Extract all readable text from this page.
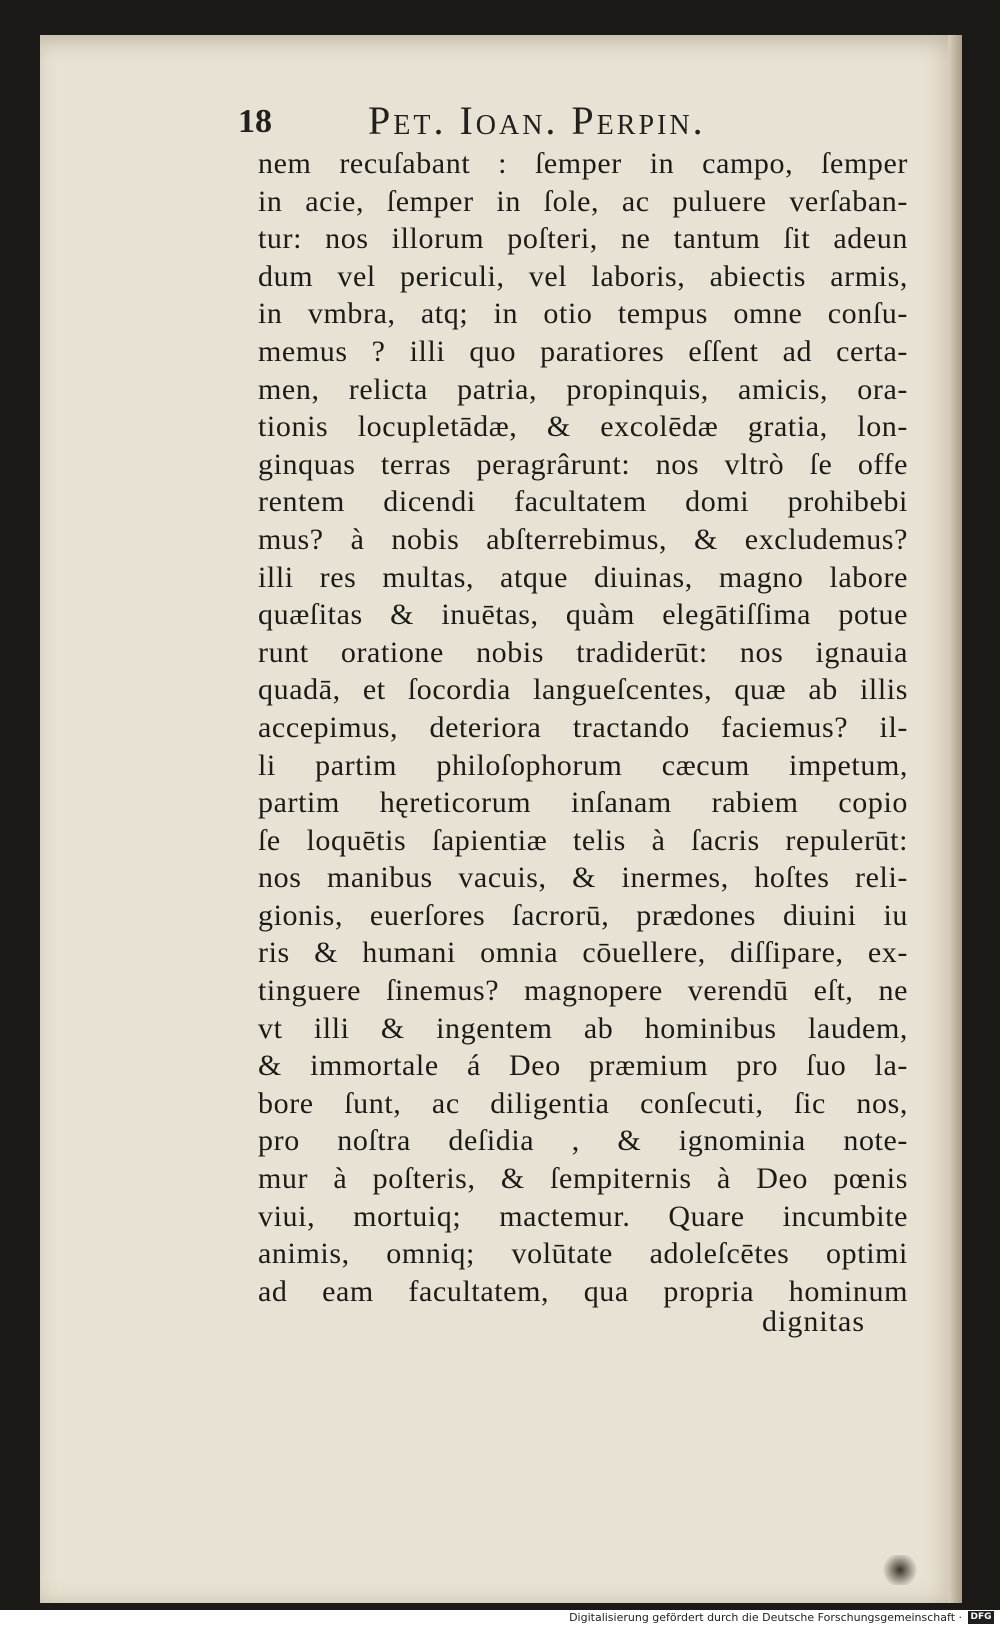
18 Pet. Ioan. Perpin.
nem recuſabant : ſemper in campo, ſemper
in acie, ſemper in ſole, ac puluere verſaban-
tur: nos illorum poſteri, ne tantum ſit adeun
dum vel periculi, vel laboris, abiectis armis,
in vmbra, atq; in otio tempus omne conſu-
memus ? illi quo paratiores eſſent ad certa-
men, relicta patria, propinquis, amicis, ora-
tionis locupletādæ, & excolēdæ gratia, lon-
ginquas terras peragrârunt: nos vltrò ſe offe
rentem dicendi facultatem domi prohibebi
mus? à nobis abſterrebimus, & excludemus?
illi res multas, atque diuinas, magno labore
quæſitas & inuētas, quàm elegātiſſima potue
runt oratione nobis tradiderūt: nos ignauia
quadā, et ſocordia langueſcentes, quæ ab illis
accepimus, deteriora tractando faciemus? il-
li partim philoſophorum cæcum impetum,
partim hęreticorum inſanam rabiem copio
ſe loquētis ſapientiæ telis à ſacris repulerūt:
nos manibus vacuis, & inermes, hoſtes reli-
gionis, euerſores ſacrorū, prædones diuini iu
ris & humani omnia cōuellere, diſſipare, ex-
tinguere ſinemus? magnopere verendū eſt, ne
vt illi & ingentem ab hominibus laudem,
& immortale á Deo præmium pro ſuo la-
bore ſunt, ac diligentia conſecuti, ſic nos,
pro noſtra deſidia , & ignominia note-
mur à poſteris, & ſempiternis à Deo pœnis
viui, mortuiq; mactemur. Quare incumbite
animis, omniq; volūtate adoleſcētes optimi
ad eam facultatem, qua propria hominum
dignitas
Digitalisierung gefördert durch die Deutsche Forschungsgemeinschaft · DFG
